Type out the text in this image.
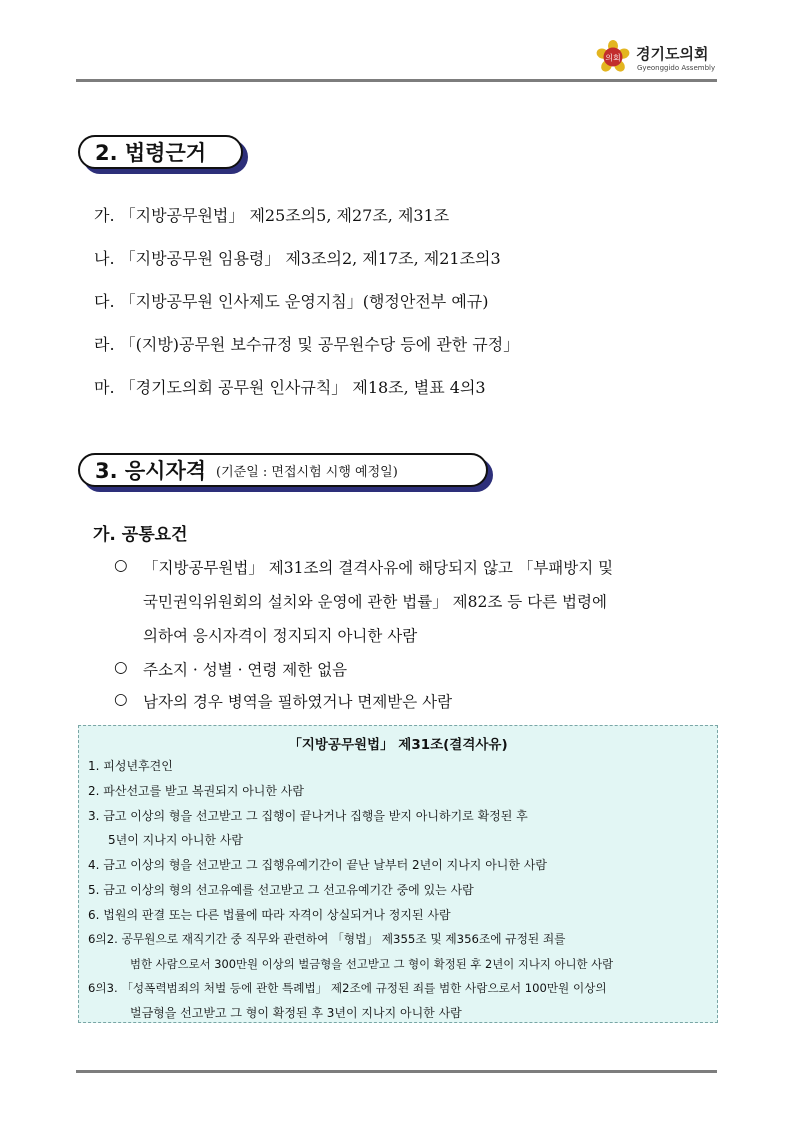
의회 경기도의회
Gyeonggido Assembly
2. 법령근거
가. 「지방공무원법」 제25조의5, 제27조, 제31조
나. 「지방공무원 임용령」 제3조의2, 제17조, 제21조의3
다. 「지방공무원 인사제도 운영지침」(행정안전부 예규)
라. 「(지방)공무원 보수규정 및 공무원수당 등에 관한 규정」
마. 「경기도의회 공무원 인사규칙」 제18조, 별표 4의3
3. 응시자격 (기준일 : 면접시험 시행 예정일)
가. 공통요건
○ 「지방공무원법」 제31조의 결격사유에 해당되지 않고 「부패방지 및
국민권익위원회의 설치와 운영에 관한 법률」 제82조 등 다른 법령에
의하여 응시자격이 정지되지 아니한 사람
○ 주소지 · 성별 · 연령 제한 없음
○ 남자의 경우 병역을 필하였거나 면제받은 사람
「지방공무원법」 제31조(결격사유)
1. 피성년후견인
2. 파산선고를 받고 복권되지 아니한 사람
3. 금고 이상의 형을 선고받고 그 집행이 끝나거나 집행을 받지 아니하기로 확정된 후
5년이 지나지 아니한 사람
4. 금고 이상의 형을 선고받고 그 집행유예기간이 끝난 날부터 2년이 지나지 아니한 사람
5. 금고 이상의 형의 선고유예를 선고받고 그 선고유예기간 중에 있는 사람
6. 법원의 판결 또는 다른 법률에 따라 자격이 상실되거나 정지된 사람
6의2. 공무원으로 재직기간 중 직무와 관련하여 「형법」 제355조 및 제356조에 규정된 죄를
범한 사람으로서 300만원 이상의 벌금형을 선고받고 그 형이 확정된 후 2년이 지나지 아니한 사람
6의3. 「성폭력범죄의 처벌 등에 관한 특례법」 제2조에 규정된 죄를 범한 사람으로서 100만원 이상의
벌금형을 선고받고 그 형이 확정된 후 3년이 지나지 아니한 사람
